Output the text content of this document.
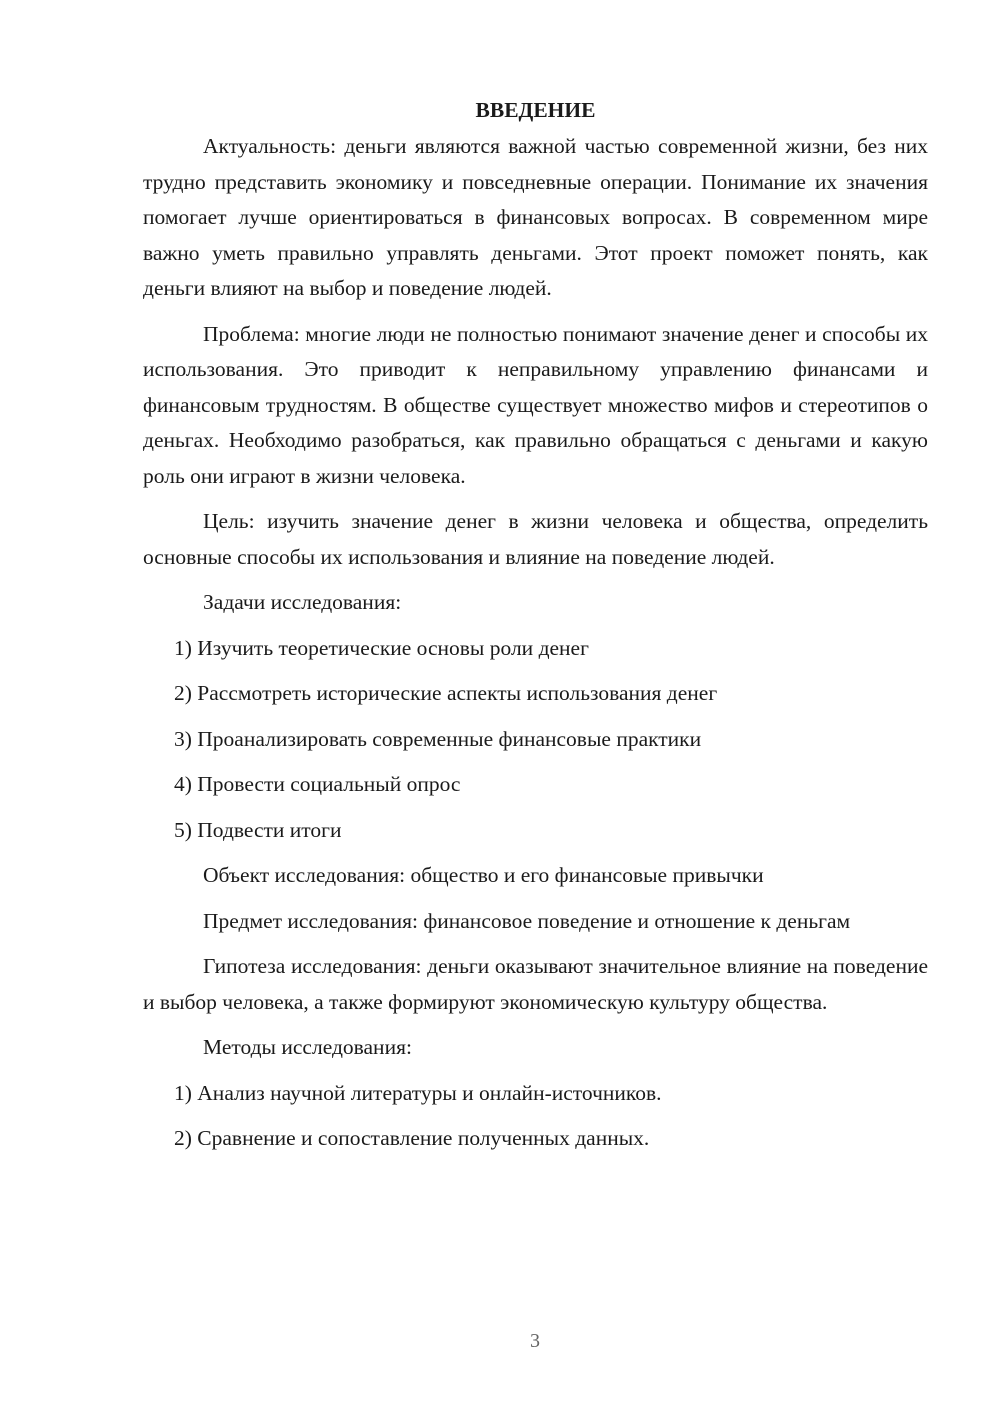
ВВЕДЕНИЕ

Актуальность: деньги являются важной частью современной жизни, без них трудно представить экономику и повседневные операции. Понимание их значения помогает лучше ориентироваться в финансовых вопросах. В современном мире важно уметь правильно управлять деньгами. Этот проект поможет понять, как деньги влияют на выбор и поведение людей.

Проблема: многие люди не полностью понимают значение денег и способы их использования. Это приводит к неправильному управлению финансами и финансовым трудностям. В обществе существует множество мифов и стереотипов о деньгах. Необходимо разобраться, как правильно обращаться с деньгами и какую роль они играют в жизни человека.

Цель: изучить значение денег в жизни человека и общества, определить основные способы их использования и влияние на поведение людей.

Задачи исследования:

1) Изучить теоретические основы роли денег

2) Рассмотреть исторические аспекты использования денег

3) Проанализировать современные финансовые практики

4) Провести социальный опрос

5) Подвести итоги

Объект исследования: общество и его финансовые привычки

Предмет исследования: финансовое поведение и отношение к деньгам

Гипотеза исследования: деньги оказывают значительное влияние на поведение и выбор человека, а также формируют экономическую культуру общества.

Методы исследования:

1) Анализ научной литературы и онлайн-источников.

2) Сравнение и сопоставление полученных данных.

3
